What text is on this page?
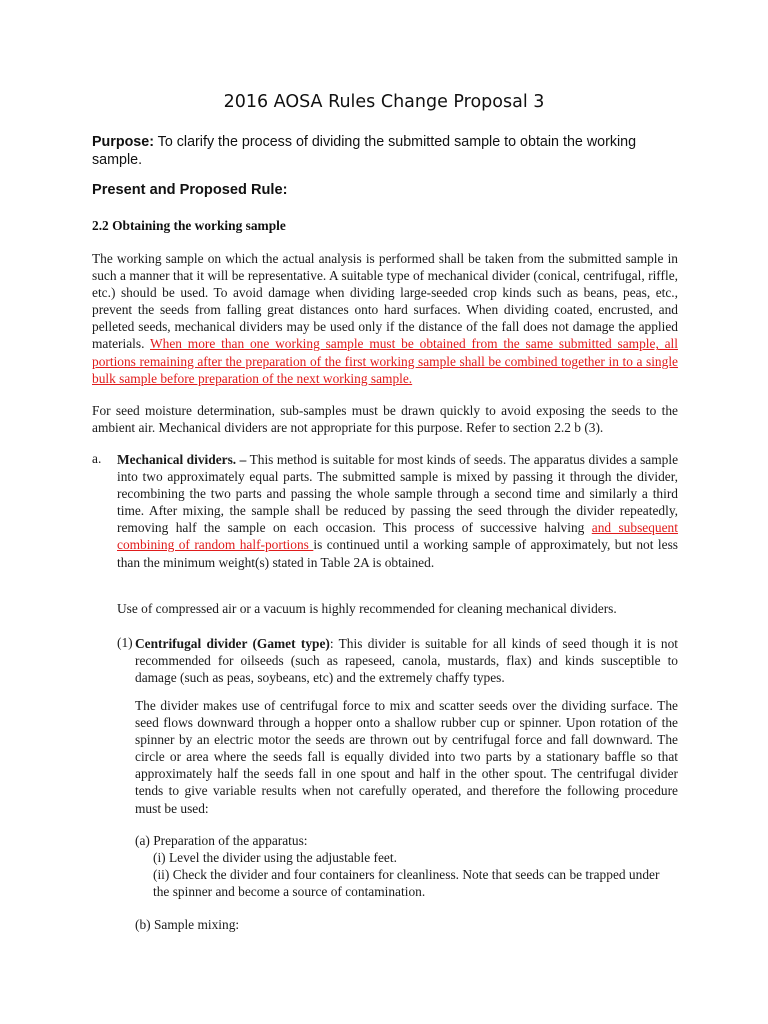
2016 AOSA Rules Change Proposal 3
Purpose: To clarify the process of dividing the submitted sample to obtain the working sample.
Present and Proposed Rule:
2.2 Obtaining the working sample
The working sample on which the actual analysis is performed shall be taken from the submitted sample in such a manner that it will be representative. A suitable type of mechanical divider (conical, centrifugal, riffle, etc.) should be used. To avoid damage when dividing large-seeded crop kinds such as beans, peas, etc., prevent the seeds from falling great distances onto hard surfaces. When dividing coated, encrusted, and pelleted seeds, mechanical dividers may be used only if the distance of the fall does not damage the applied materials. When more than one working sample must be obtained from the same submitted sample, all portions remaining after the preparation of the first working sample shall be combined together in to a single bulk sample before preparation of the next working sample.
For seed moisture determination, sub-samples must be drawn quickly to avoid exposing the seeds to the ambient air. Mechanical dividers are not appropriate for this purpose. Refer to section 2.2 b (3).
a. Mechanical dividers. – This method is suitable for most kinds of seeds. The apparatus divides a sample into two approximately equal parts. The submitted sample is mixed by passing it through the divider, recombining the two parts and passing the whole sample through a second time and similarly a third time. After mixing, the sample shall be reduced by passing the seed through the divider repeatedly, removing half the sample on each occasion. This process of successive halving and subsequent combining of random half-portions is continued until a working sample of approximately, but not less than the minimum weight(s) stated in Table 2A is obtained.
Use of compressed air or a vacuum is highly recommended for cleaning mechanical dividers.
(1) Centrifugal divider (Gamet type): This divider is suitable for all kinds of seed though it is not recommended for oilseeds (such as rapeseed, canola, mustards, flax) and kinds susceptible to damage (such as peas, soybeans, etc) and the extremely chaffy types.
The divider makes use of centrifugal force to mix and scatter seeds over the dividing surface. The seed flows downward through a hopper onto a shallow rubber cup or spinner. Upon rotation of the spinner by an electric motor the seeds are thrown out by centrifugal force and fall downward. The circle or area where the seeds fall is equally divided into two parts by a stationary baffle so that approximately half the seeds fall in one spout and half in the other spout. The centrifugal divider tends to give variable results when not carefully operated, and therefore the following procedure must be used:
(a) Preparation of the apparatus:
(i) Level the divider using the adjustable feet.
(ii) Check the divider and four containers for cleanliness. Note that seeds can be trapped under the spinner and become a source of contamination.
(b) Sample mixing:
